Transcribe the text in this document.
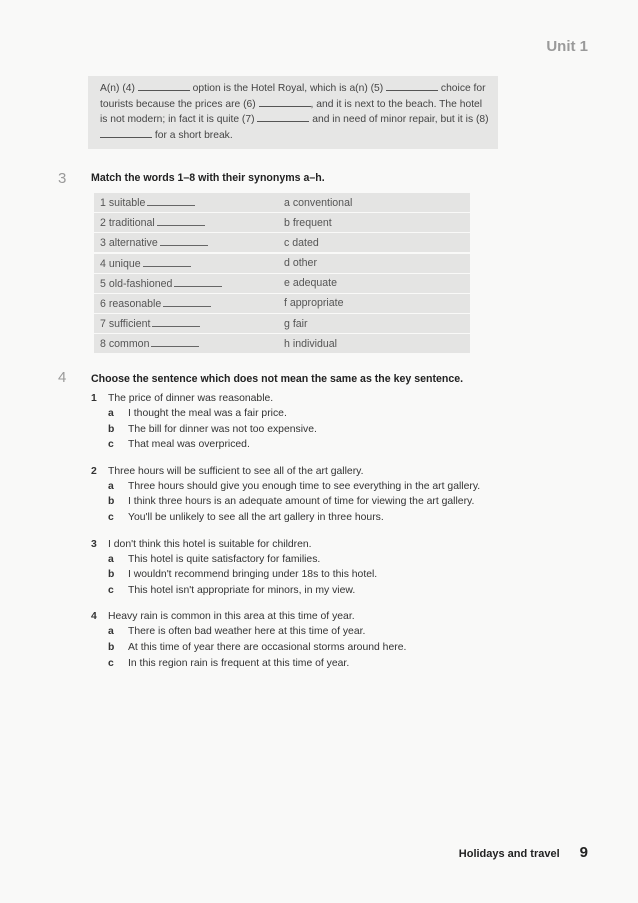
Unit 1
A(n) (4)	option is the Hotel Royal, which is a(n) (5)	choice for tourists because the prices are (6)	, and it is next to the beach. The hotel is not modern; in fact it is quite (7)	and in need of minor repair, but it is (8)  for a short break.
3 Match the words 1–8 with their synonyms a–h.
1 suitable	a conventional
2 traditional	b frequent
3 alternative	c dated
4 unique	d other
5 old-fashioned	e adequate
6 reasonable	f appropriate
7 sufficient	g fair
8 common	h individual
4 Choose the sentence which does not mean the same as the key sentence.
1 The price of dinner was reasonable.
a I thought the meal was a fair price.
b The bill for dinner was not too expensive.
c That meal was overpriced.
2 Three hours will be sufficient to see all of the art gallery.
a Three hours should give you enough time to see everything in the art gallery.
b I think three hours is an adequate amount of time for viewing the art gallery.
c You'll be unlikely to see all the art gallery in three hours.
3 I don't think this hotel is suitable for children.
a This hotel is quite satisfactory for families.
b I wouldn't recommend bringing under 18s to this hotel.
c This hotel isn't appropriate for minors, in my view.
4 Heavy rain is common in this area at this time of year.
a There is often bad weather here at this time of year.
b At this time of year there are occasional storms around here.
c In this region rain is frequent at this time of year.
Holidays and travel 9
